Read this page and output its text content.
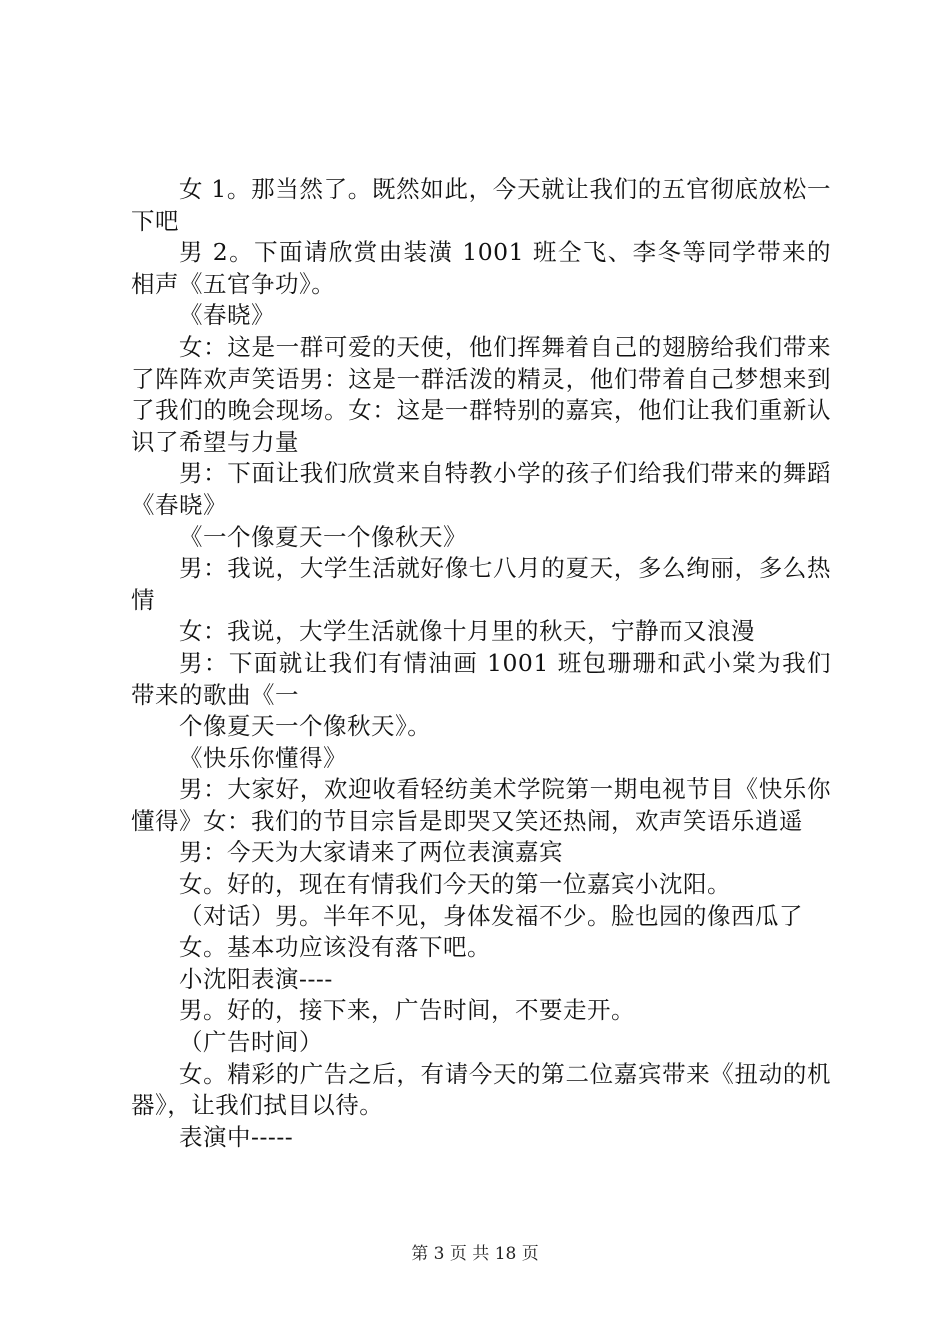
女 1。那当然了。既然如此，今天就让我们的五官彻底放松一下吧

男 2。下面请欣赏由装潢 1001 班仝飞、李冬等同学带来的相声《五官争功》。

《春晓》

女：这是一群可爱的天使，他们挥舞着自己的翅膀给我们带来了阵阵欢声笑语男：这是一群活泼的精灵，他们带着自己梦想来到了我们的晚会现场。女：这是一群特别的嘉宾，他们让我们重新认识了希望与力量

男：下面让我们欣赏来自特教小学的孩子们给我们带来的舞蹈《春晓》

《一个像夏天一个像秋天》

男：我说，大学生活就好像七八月的夏天，多么绚丽，多么热情

女：我说，大学生活就像十月里的秋天，宁静而又浪漫

男：下面就让我们有情油画 1001 班包珊珊和武小棠为我们带来的歌曲《一

个像夏天一个像秋天》。

《快乐你懂得》

男：大家好，欢迎收看轻纺美术学院第一期电视节目《快乐你懂得》女：我们的节目宗旨是即哭又笑还热闹，欢声笑语乐逍遥

男：今天为大家请来了两位表演嘉宾

女。好的，现在有情我们今天的第一位嘉宾小沈阳。

（对话）男。半年不见，身体发福不少。脸也园的像西瓜了

女。基本功应该没有落下吧。

小沈阳表演----

男。好的，接下来，广告时间，不要走开。

（广告时间）

女。精彩的广告之后，有请今天的第二位嘉宾带来《扭动的机器》，让我们拭目以待。

表演中-----

第 3 页 共 18 页
